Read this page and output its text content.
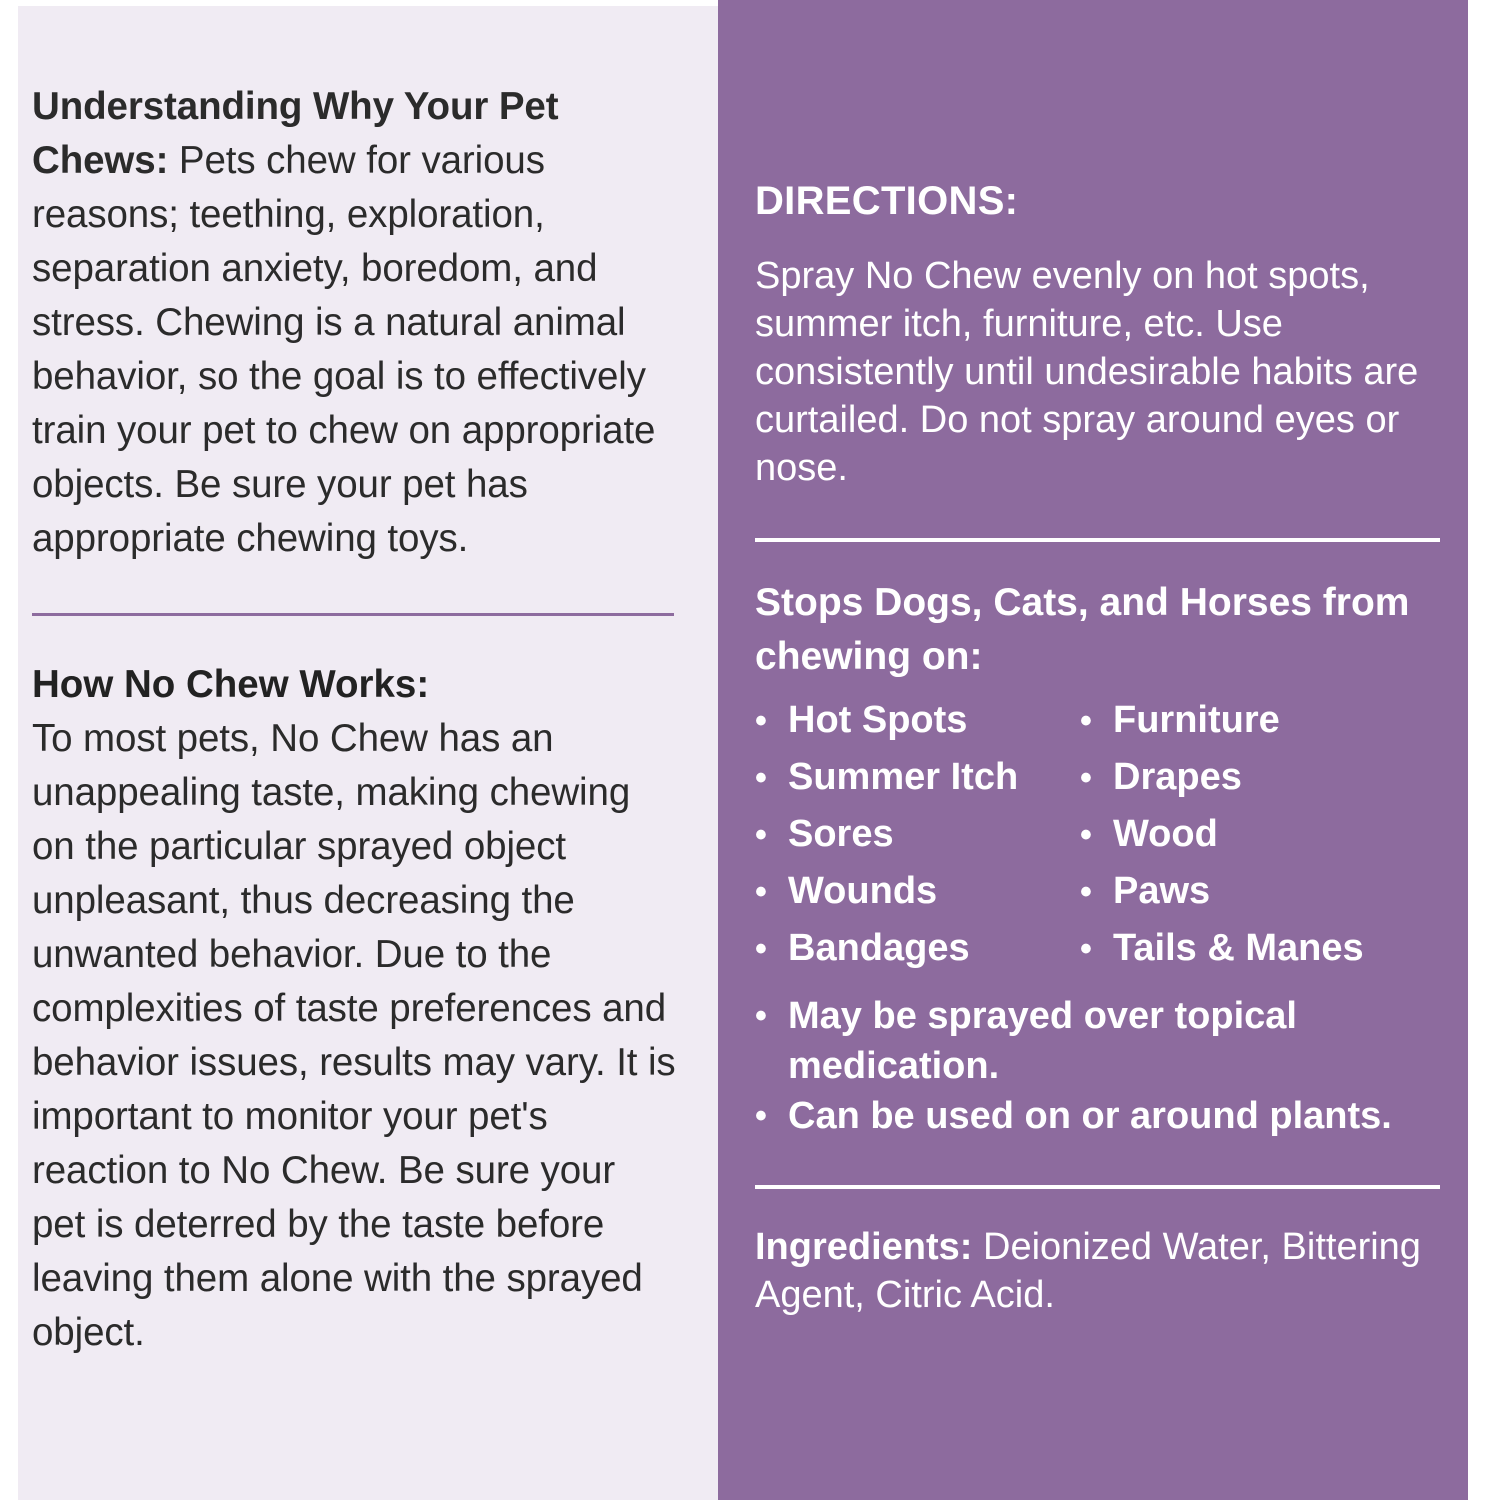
Understanding Why Your Pet Chews: Pets chew for various reasons; teething, exploration, separation anxiety, boredom, and stress. Chewing is a natural animal behavior, so the goal is to effectively train your pet to chew on appropriate objects. Be sure your pet has appropriate chewing toys.

How No Chew Works:

To most pets, No Chew has an unappealing taste, making chewing on the particular sprayed object unpleasant, thus decreasing the unwanted behavior. Due to the complexities of taste preferences and behavior issues, results may vary. It is important to monitor your pet's reaction to No Chew. Be sure your pet is deterred by the taste before leaving them alone with the sprayed object.

DIRECTIONS:

Spray No Chew evenly on hot spots, summer itch, furniture, etc. Use consistently until undesirable habits are curtailed. Do not spray around eyes or nose.

Stops Dogs, Cats, and Horses from chewing on:
• Hot Spots
• Summer Itch
• Sores
• Wounds
• Bandages
• Furniture
• Drapes
• Wood
• Paws
• Tails & Manes
• May be sprayed over topical medication.
• Can be used on or around plants.

Ingredients: Deionized Water, Bittering Agent, Citric Acid.
